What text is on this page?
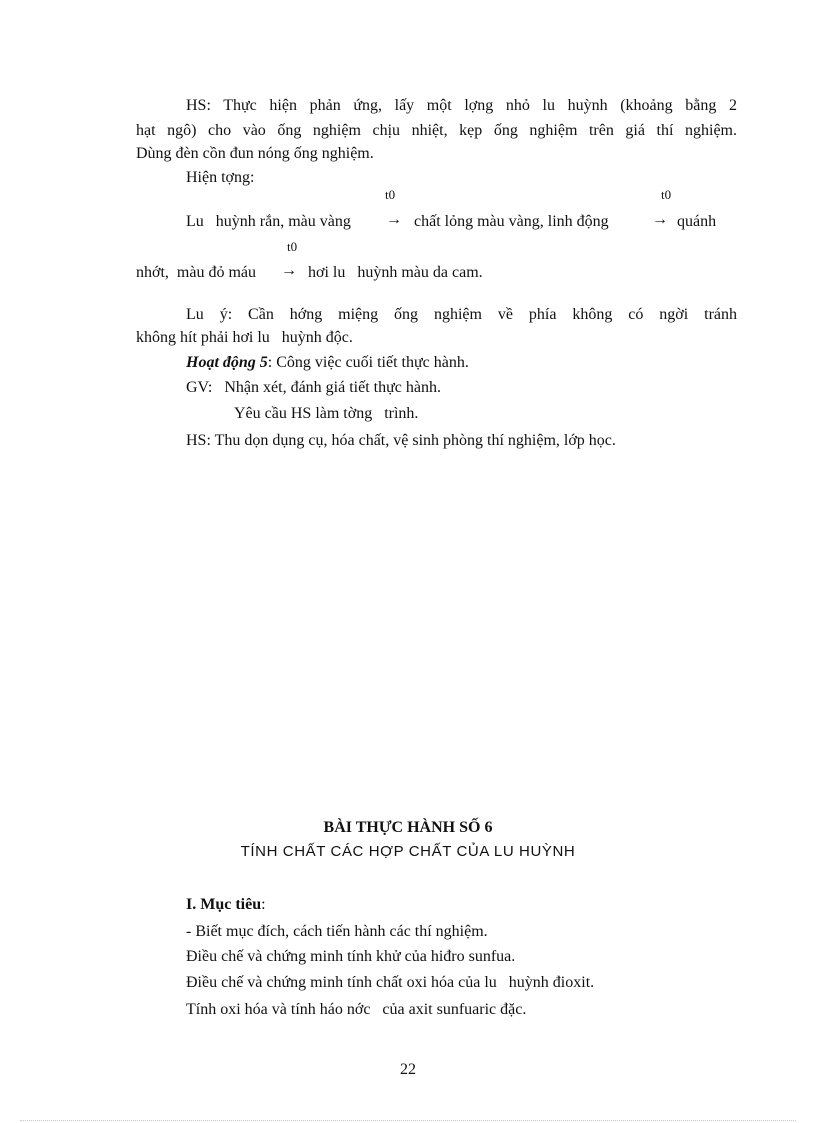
HS: Thực hiện phản ứng, lấy một lợng nhỏ lu huỳnh (khoảng bằng 2
hạt ngô) cho vào ống nghiệm chịu nhiệt, kẹp ống nghiệm trên giá thí nghiệm.
Dùng đèn cồn đun nóng ống nghiệm.
Hiện tợng:
t0	t0
Lu   huỳnh rắn, màu vàng → chất lỏng màu vàng, linh động	→ quánh
t0
nhớt,  màu đỏ máu → hơi lu   huỳnh màu da cam.
Lu ý: Cần hớng miệng ống nghiệm về phía không có ngời tránh
không hít phải hơi lu   huỳnh độc.
Hoạt động 5: Công việc cuối tiết thực hành.
GV:   Nhận xét, đánh giá tiết thực hành.
Yêu cầu HS làm tờng   trình.
HS: Thu dọn dụng cụ, hóa chất, vệ sinh phòng thí nghiệm, lớp học.
BÀI THỰC HÀNH SỐ 6
TÍNH CHẤT CÁC HỢP CHẤT CỦA LU HUỲNH
I. Mục tiêu:
- Biết mục đích, cách tiến hành các thí nghiệm.
Điều chế và chứng minh tính khử của hiđro sunfua.
Điều chế và chứng minh tính chất oxi hóa của lu   huỳnh đioxit.
Tính oxi hóa và tính háo nớc   của axit sunfuaric đặc.
22
